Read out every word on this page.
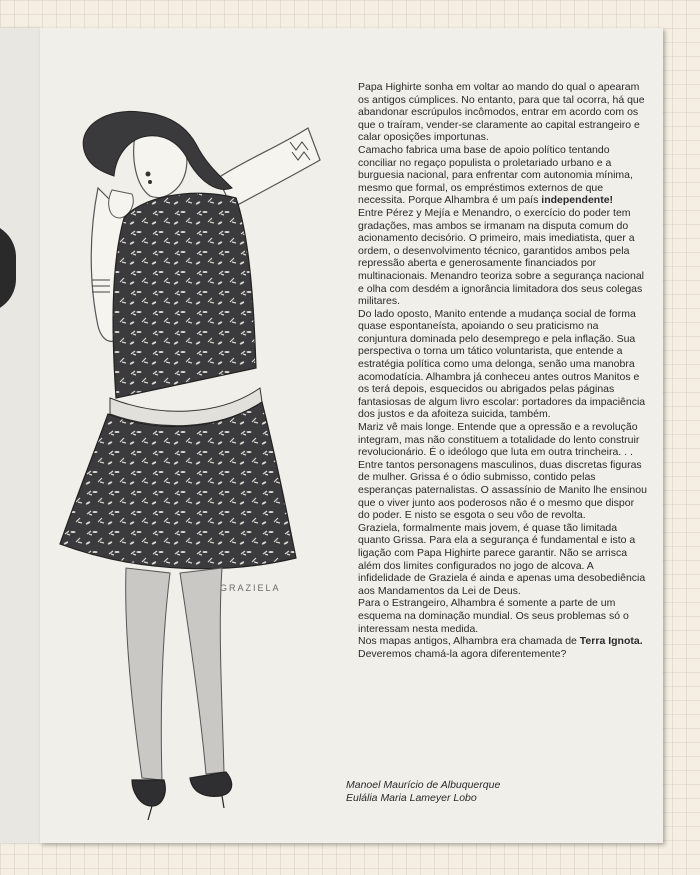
GRAZIELA

Papa Highirte sonha em voltar ao mando do qual o apearam os antigos cúmplices. No entanto, para que tal ocorra, há que abandonar escrúpulos incômodos, entrar em acordo com os que o traíram, vender-se claramente ao capital estrangeiro e calar oposições importunas.

Camacho fabrica uma base de apoio político tentando conciliar no regaço populista o proletariado urbano e a burguesia nacional, para enfrentar com autonomia mínima, mesmo que formal, os empréstimos externos de que necessita. Porque Alhambra é um país independente!

Entre Pérez y Mejía e Menandro, o exercício do poder tem gradações, mas ambos se irmanam na disputa comum do acionamento decisório. O primeiro, mais imediatista, quer a ordem, o desenvolvimento técnico, garantidos ambos pela repressão aberta e generosamente financiados por multinacionais. Menandro teoriza sobre a segurança nacional e olha com desdém a ignorância limitadora dos seus colegas militares.

Do lado oposto, Manito entende a mudança social de forma quase espontaneísta, apoiando o seu praticismo na conjuntura dominada pelo desemprego e pela inflação. Sua perspectiva o torna um tático voluntarista, que entende a estratégia política como uma delonga, senão uma manobra acomodatícia. Alhambra já conheceu antes outros Manitos e os terá depois, esquecidos ou abrigados pelas páginas fantasiosas de algum livro escolar: portadores da impaciência dos justos e da afoiteza suicida, também.

Mariz vê mais longe. Entende que a opressão e a revolução integram, mas não constituem a totalidade do lento construir revolucionário. É o ideólogo que luta em outra trincheira. . .

Entre tantos personagens masculinos, duas discretas figuras de mulher. Grissa é o ódio submisso, contido pelas esperanças paternalistas. O assassínio de Manito lhe ensinou que o viver junto aos poderosos não é o mesmo que dispor do poder. E nisto se esgota o seu vôo de revolta.

Graziela, formalmente mais jovem, é quase tão limitada quanto Grissa. Para ela a segurança é fundamental e isto a ligação com Papa Highirte parece garantir. Não se arrisca além dos limites configurados no jogo de alcova. A infidelidade de Graziela é ainda e apenas uma desobediência aos Mandamentos da Lei de Deus.

Para o Estrangeiro, Alhambra é somente a parte de um esquema na dominação mundial. Os seus problemas só o interessam nesta medida.

Nos mapas antigos, Alhambra era chamada de Terra Ignota. Deveremos chamá-la agora diferentemente?

Manoel Maurício de Albuquerque
Eulália Maria Lameyer Lobo
